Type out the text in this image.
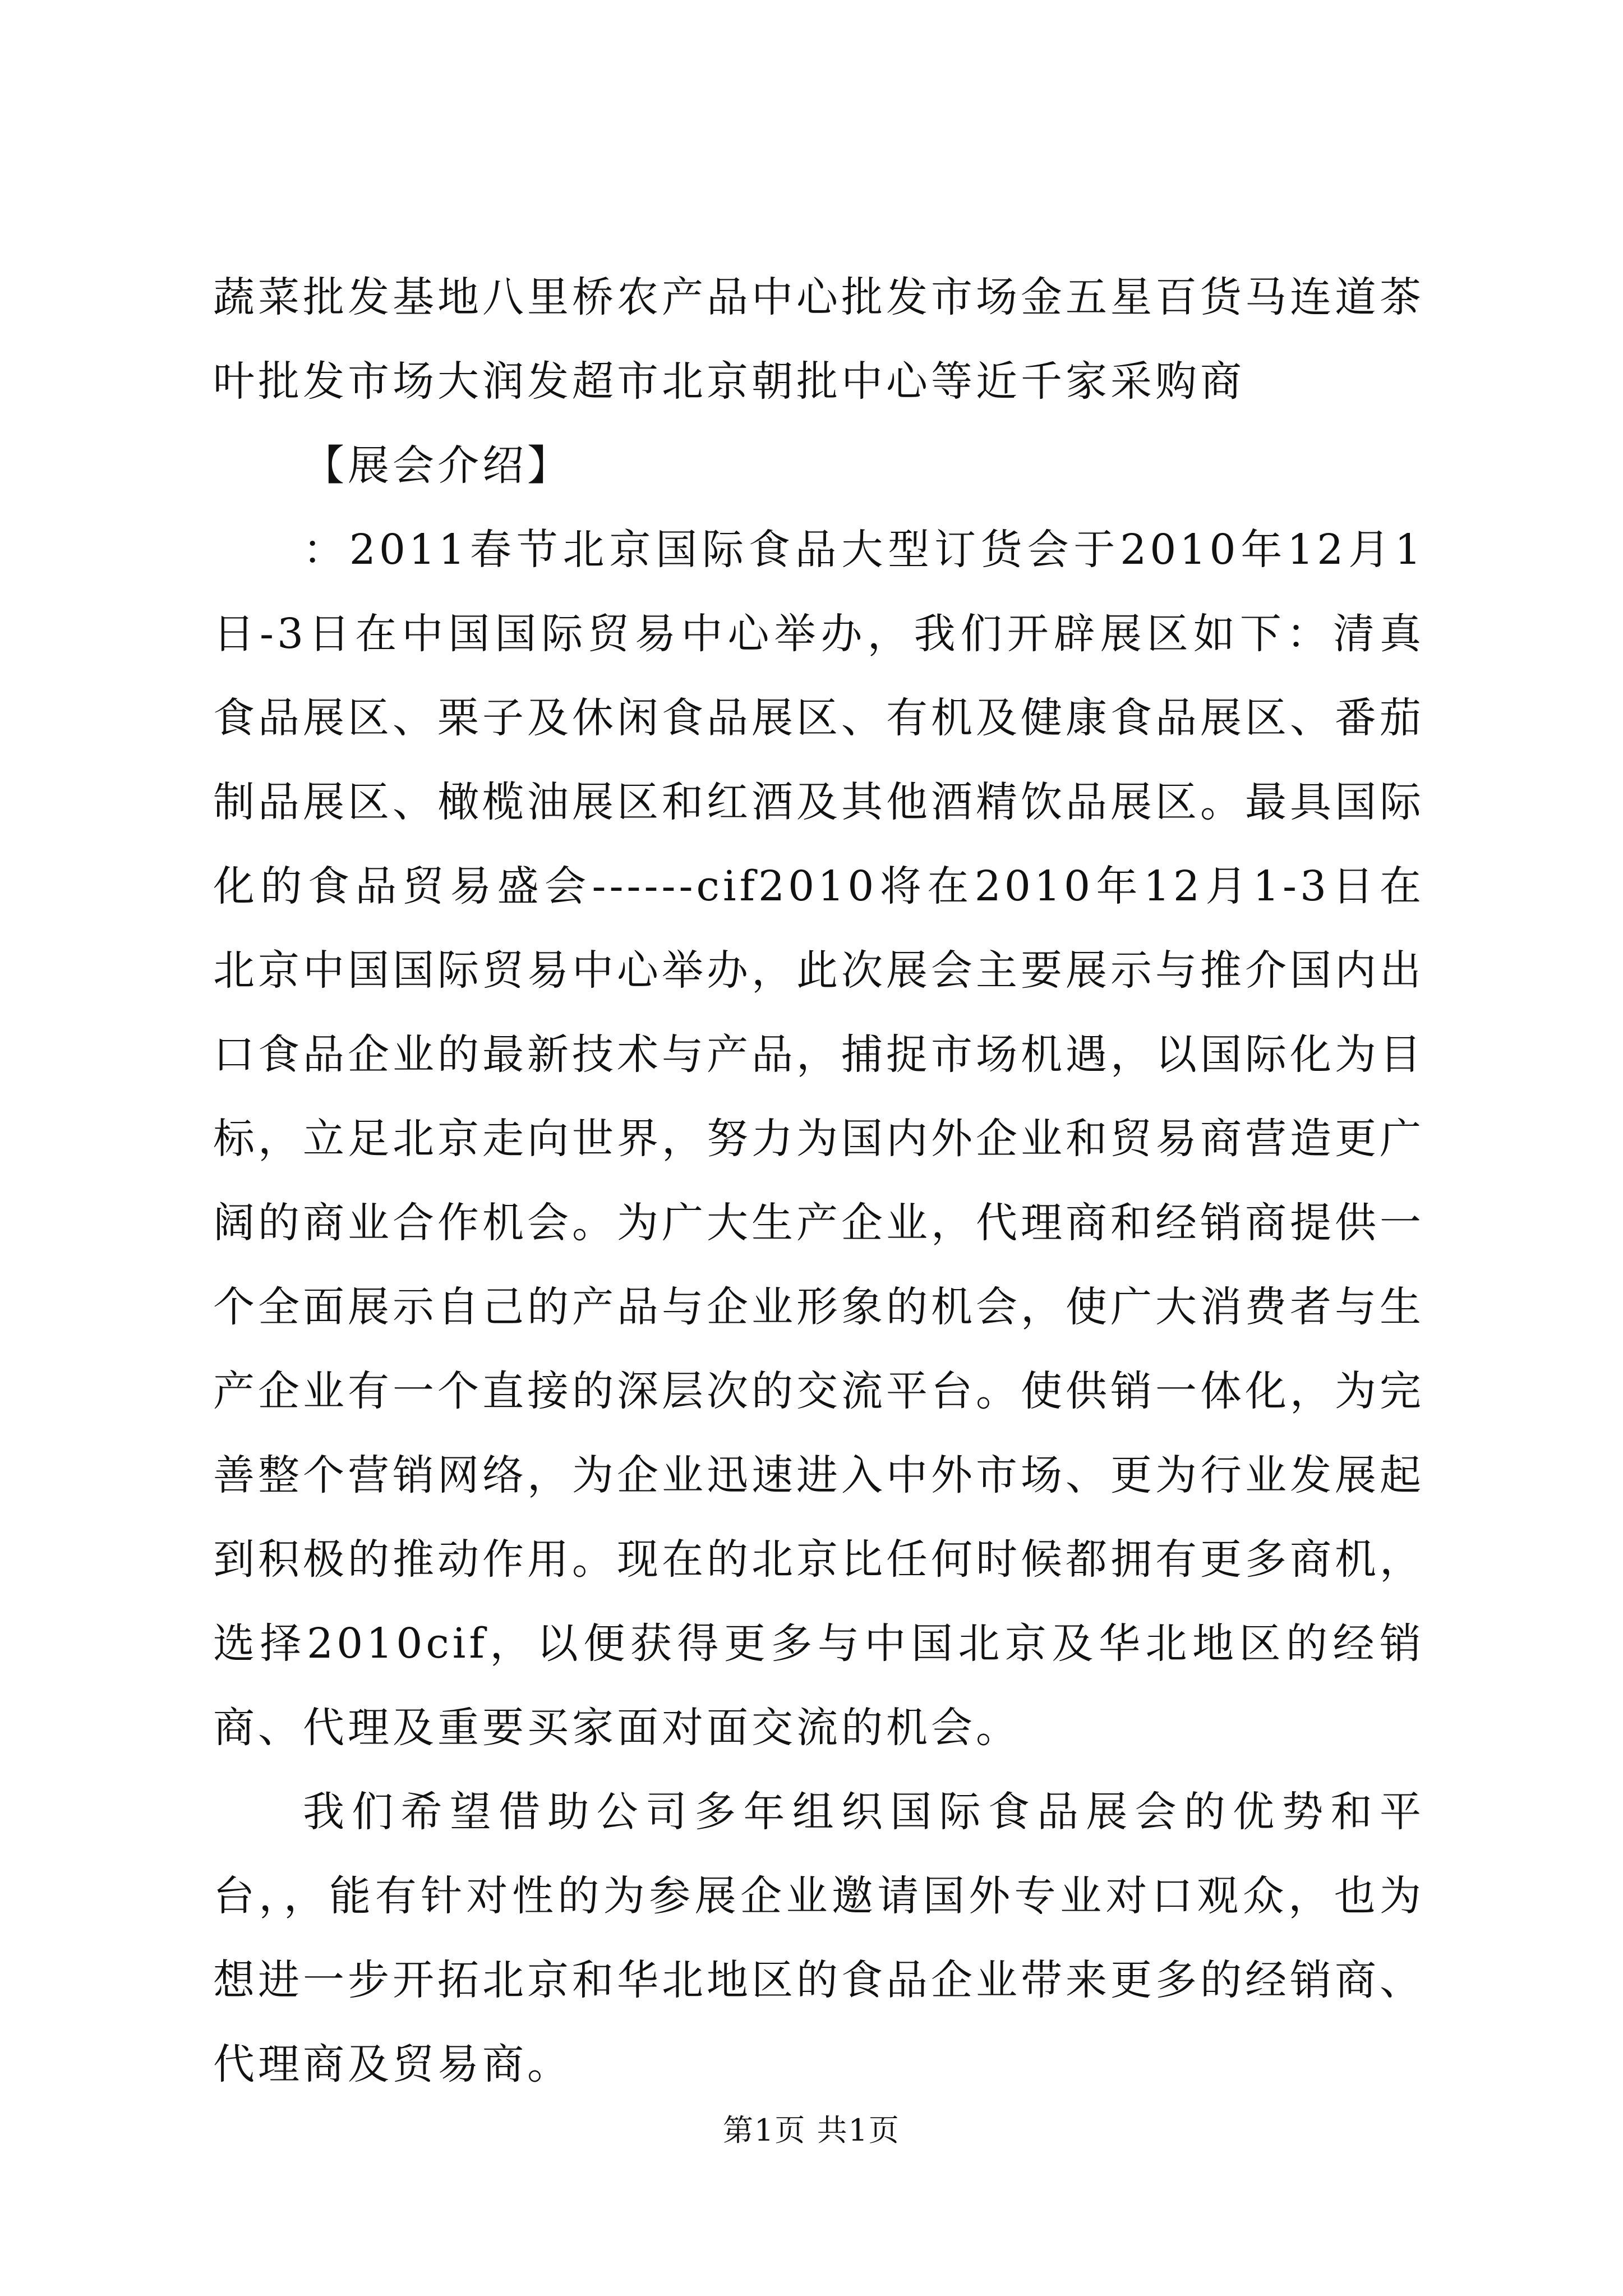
蔬菜批发基地八里桥农产品中心批发市场金五星百货马连道茶叶批发市场大润发超市北京朝批中心等近千家采购商

【展会介绍】

：2011春节北京国际食品大型订货会于2010年12月1日-3日在中国国际贸易中心举办，我们开辟展区如下：清真食品展区、栗子及休闲食品展区、有机及健康食品展区、番茄制品展区、橄榄油展区和红酒及其他酒精饮品展区。最具国际化的食品贸易盛会------cif2010将在2010年12月1-3日在北京中国国际贸易中心举办，此次展会主要展示与推介国内出口食品企业的最新技术与产品，捕捉市场机遇，以国际化为目标，立足北京走向世界，努力为国内外企业和贸易商营造更广阔的商业合作机会。为广大生产企业，代理商和经销商提供一个全面展示自己的产品与企业形象的机会，使广大消费者与生产企业有一个直接的深层次的交流平台。使供销一体化，为完善整个营销网络，为企业迅速进入中外市场、更为行业发展起到积极的推动作用。现在的北京比任何时候都拥有更多商机，选择2010cif，以便获得更多与中国北京及华北地区的经销商、代理及重要买家面对面交流的机会。

我们希望借助公司多年组织国际食品展会的优势和平台，，能有针对性的为参展企业邀请国外专业对口观众，也为想进一步开拓北京和华北地区的食品企业带来更多的经销商、代理商及贸易商。

第1页 共1页
